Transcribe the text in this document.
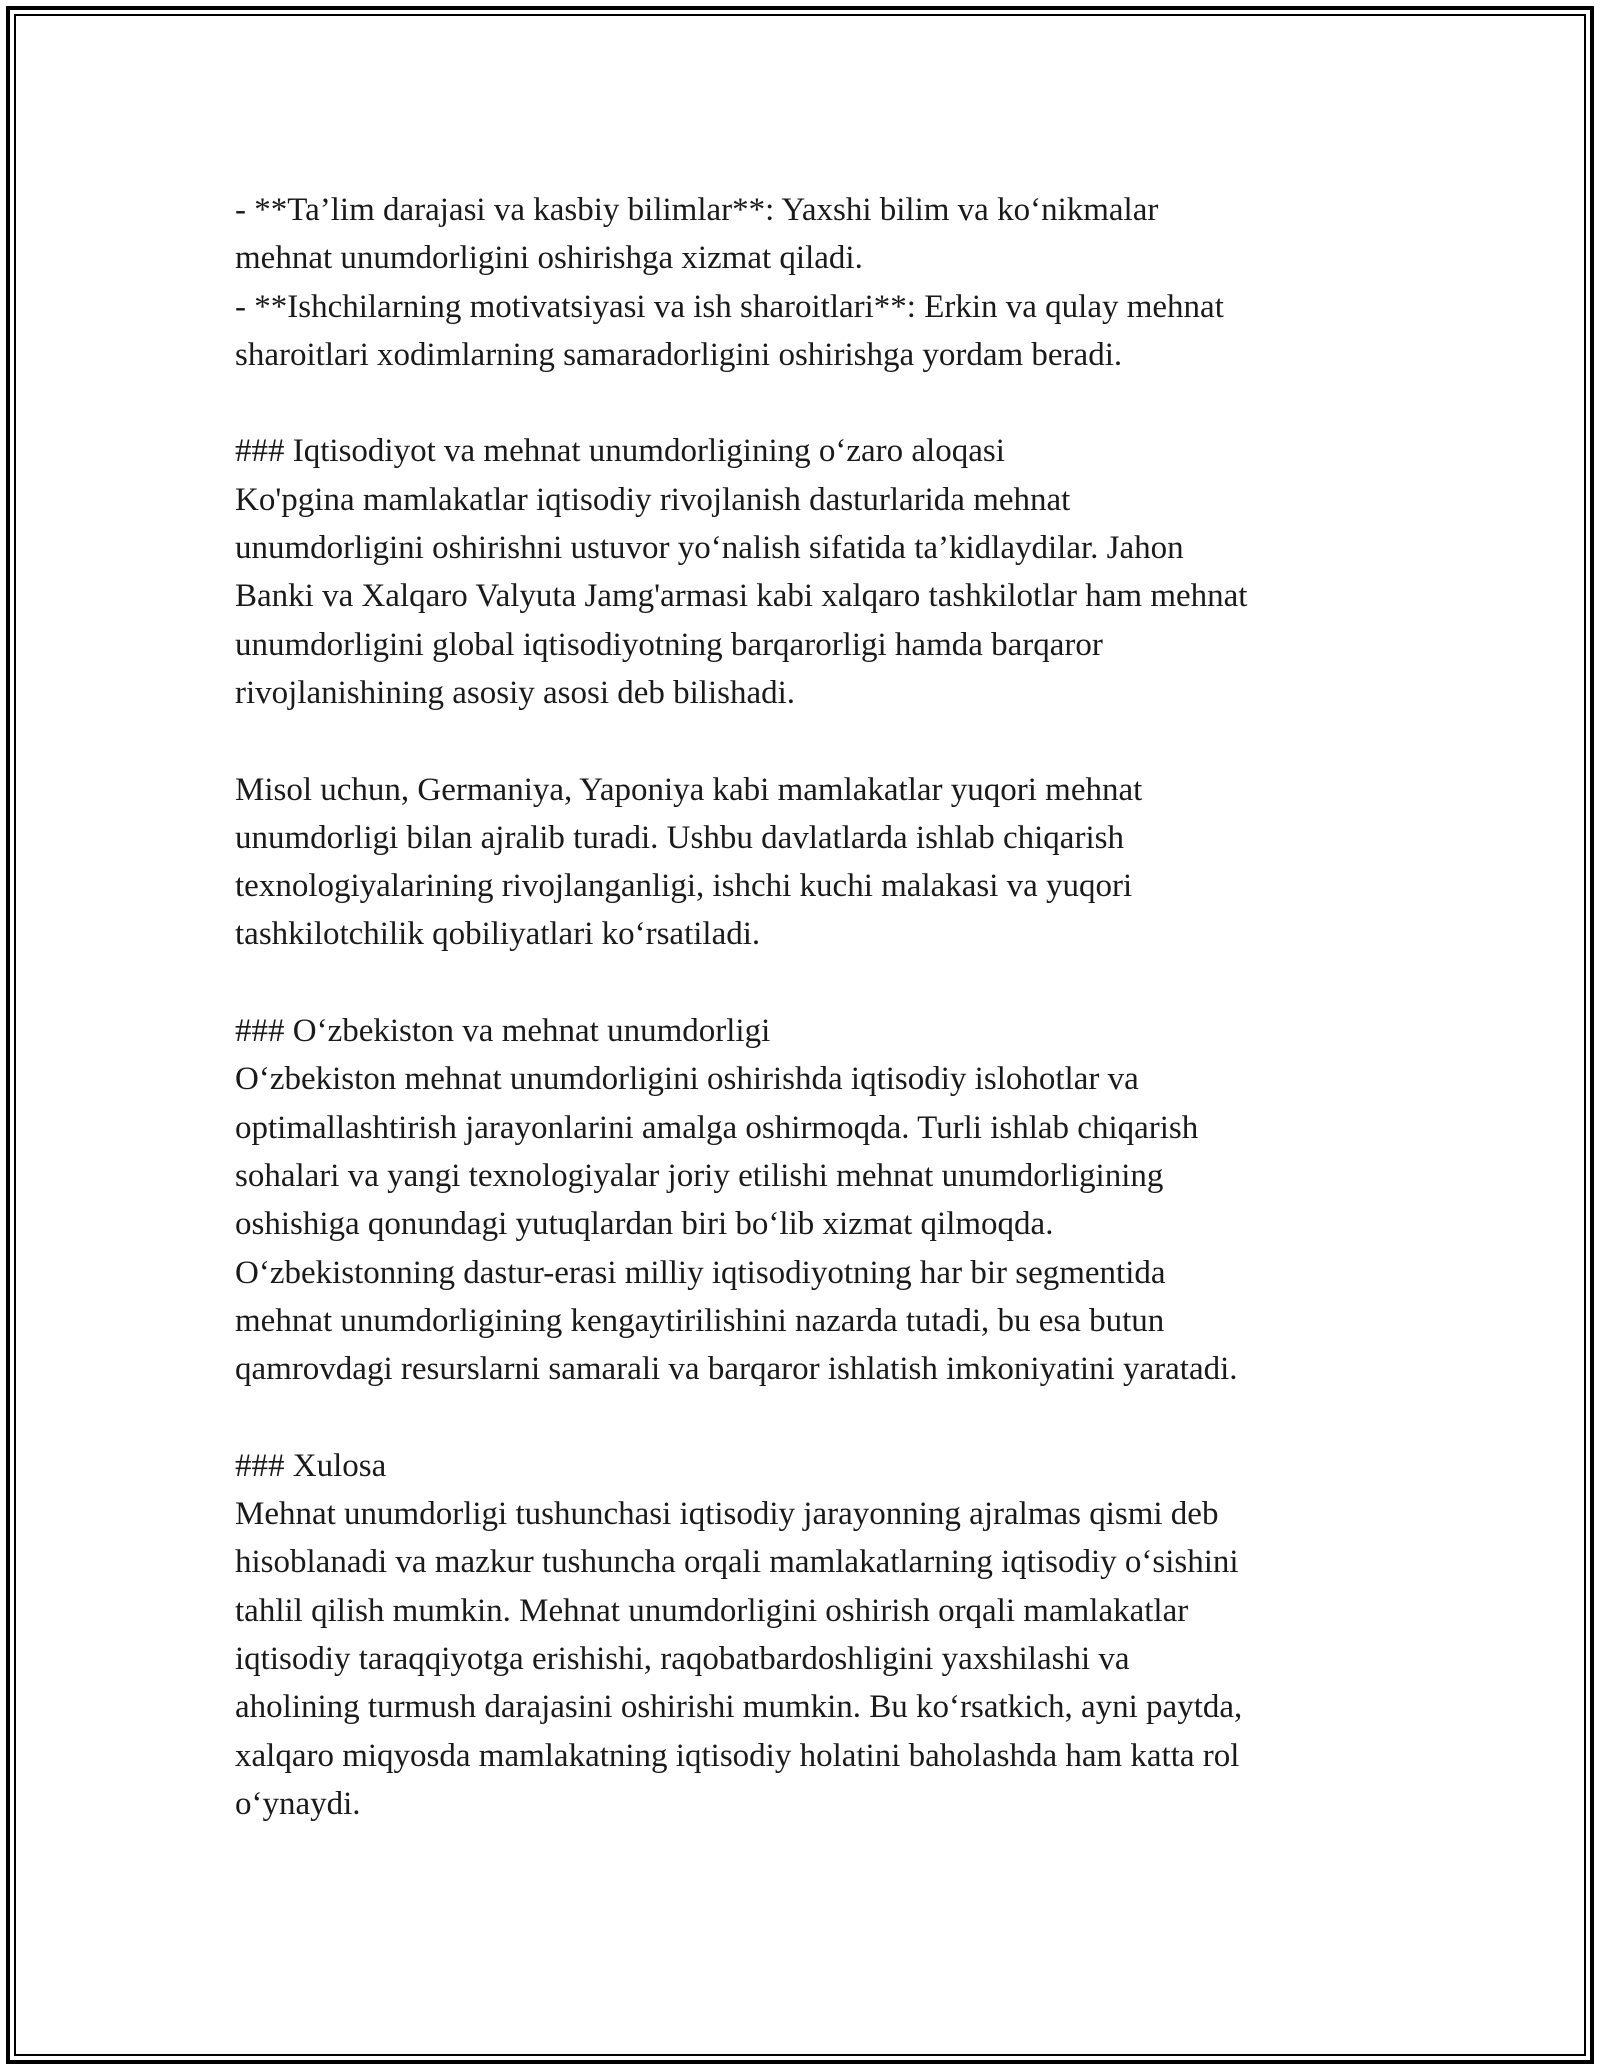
- **Ta’lim darajasi va kasbiy bilimlar**: Yaxshi bilim va ko‘nikmalar
mehnat unumdorligini oshirishga xizmat qiladi.
- **Ishchilarning motivatsiyasi va ish sharoitlari**: Erkin va qulay mehnat
sharoitlari xodimlarning samaradorligini oshirishga yordam beradi.
### Iqtisodiyot va mehnat unumdorligining o‘zaro aloqasi
Ko'pgina mamlakatlar iqtisodiy rivojlanish dasturlarida mehnat
unumdorligini oshirishni ustuvor yo‘nalish sifatida ta’kidlaydilar. Jahon
Banki va Xalqaro Valyuta Jamg'armasi kabi xalqaro tashkilotlar ham mehnat
unumdorligini global iqtisodiyotning barqarorligi hamda barqaror
rivojlanishining asosiy asosi deb bilishadi.
Misol uchun, Germaniya, Yaponiya kabi mamlakatlar yuqori mehnat
unumdorligi bilan ajralib turadi. Ushbu davlatlarda ishlab chiqarish
texnologiyalarining rivojlanganligi, ishchi kuchi malakasi va yuqori
tashkilotchilik qobiliyatlari ko‘rsatiladi.
### O‘zbekiston va mehnat unumdorligi
O‘zbekiston mehnat unumdorligini oshirishda iqtisodiy islohotlar va
optimallashtirish jarayonlarini amalga oshirmoqda. Turli ishlab chiqarish
sohalari va yangi texnologiyalar joriy etilishi mehnat unumdorligining
oshishiga qonundagi yutuqlardan biri bo‘lib xizmat qilmoqda.
O‘zbekistonning dastur-erasi milliy iqtisodiyotning har bir segmentida
mehnat unumdorligining kengaytirilishini nazarda tutadi, bu esa butun
qamrovdagi resurslarni samarali va barqaror ishlatish imkoniyatini yaratadi.
### Xulosa
Mehnat unumdorligi tushunchasi iqtisodiy jarayonning ajralmas qismi deb
hisoblanadi va mazkur tushuncha orqali mamlakatlarning iqtisodiy o‘sishini
tahlil qilish mumkin. Mehnat unumdorligini oshirish orqali mamlakatlar
iqtisodiy taraqqiyotga erishishi, raqobatbardoshligini yaxshilashi va
aholining turmush darajasini oshirishi mumkin. Bu ko‘rsatkich, ayni paytda,
xalqaro miqyosda mamlakatning iqtisodiy holatini baholashda ham katta rol
o‘ynaydi.
